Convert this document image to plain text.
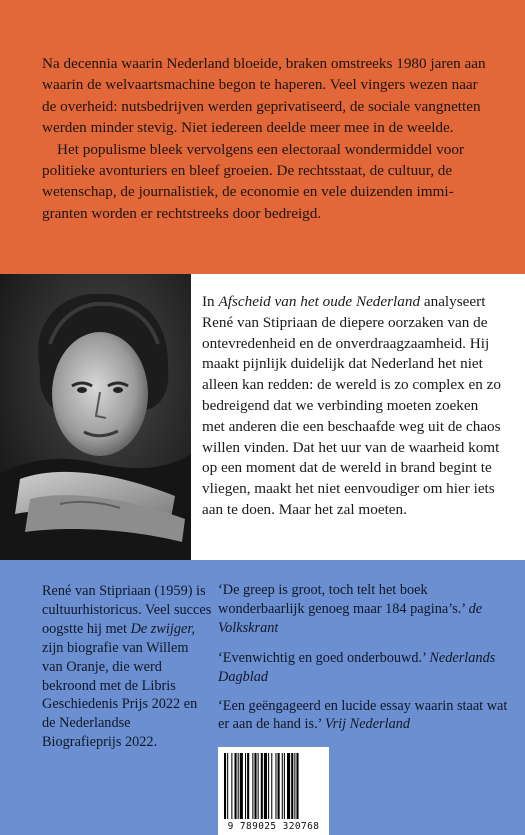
Na decennia waarin Nederland bloeide, braken omstreeks 1980 jaren aan waarin de welvaartsmachine begon te haperen. Veel vingers wezen naar de overheid: nutsbedrijven werden geprivatiseerd, de sociale vangnetten werden minder stevig. Niet iedereen deelde meer mee in de weelde.

Het populisme bleek vervolgens een electoraal wondermiddel voor politieke avonturiers en bleef groeien. De rechtsstaat, de cultuur, de wetenschap, de journalistiek, de economie en vele duizenden immigranten worden er rechtstreeks door bedreigd.

In Afscheid van het oude Nederland analyseert René van Stipriaan de diepere oorzaken van de ontevredenheid en de onverdraagzaamheid. Hij maakt pijnlijk duidelijk dat Nederland het niet alleen kan redden: de wereld is zo complex en zo bedreigend dat we verbinding moeten zoeken met anderen die een beschaafde weg uit de chaos willen vinden. Dat het uur van de waarheid komt op een moment dat de wereld in brand begint te vliegen, maakt het niet eenvoudiger om hier iets aan te doen. Maar het zal moeten.

René van Stipriaan (1959) is cultuurhistoricus. Veel succes oogstte hij met De zwijger, zijn biografie van Willem van Oranje, die werd bekroond met de Libris Geschiedenis Prijs 2022 en de Nederlandse Biografieprijs 2022.

‘De greep is groot, toch telt het boek wonderbaarlijk genoeg maar 184 pagina’s.’ de Volkskrant

‘Evenwichtig en goed onderbouwd.’ Nederlands Dagblad

‘Een geëngageerd en lucide essay waarin staat wat er aan de hand is.’ Vrij Nederland

9 789025 320768
